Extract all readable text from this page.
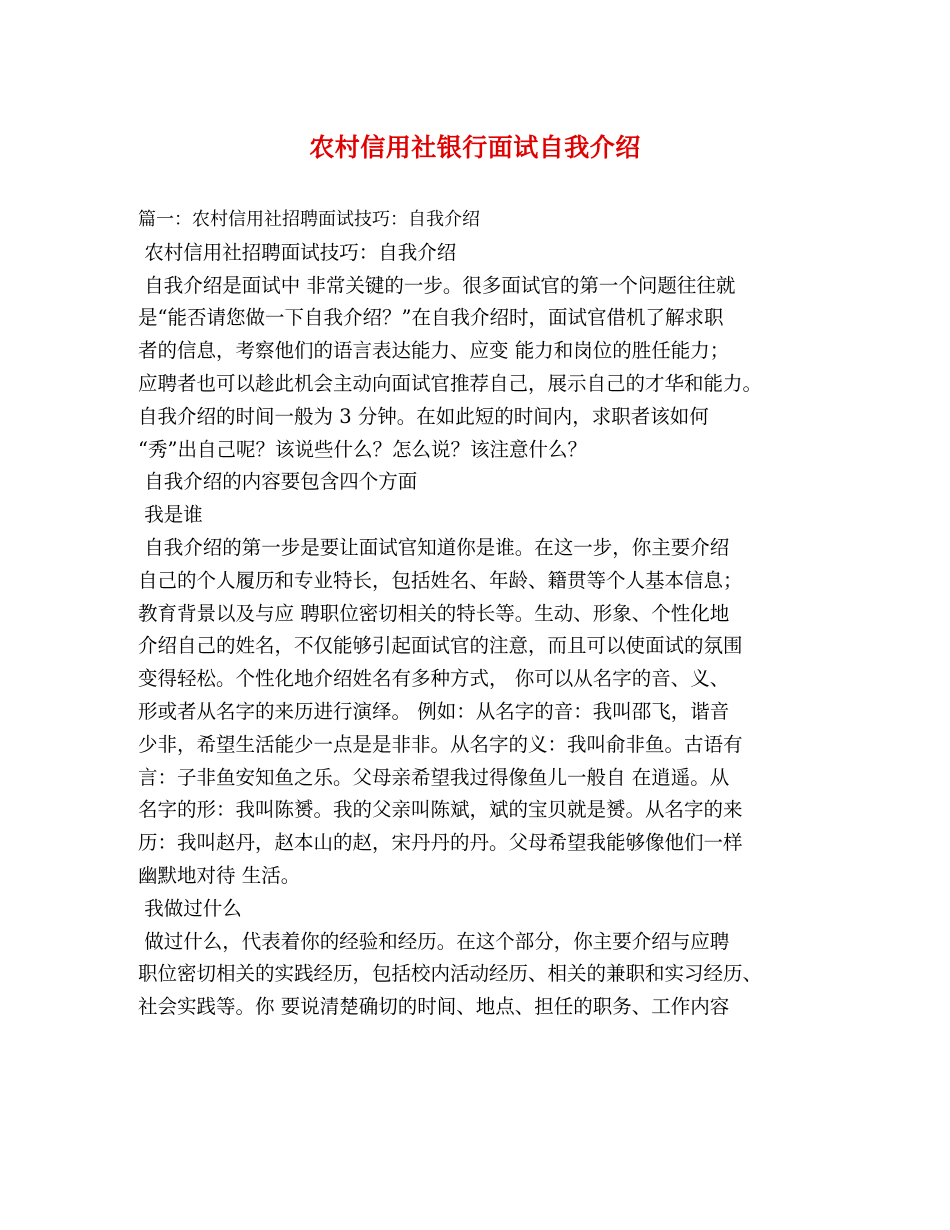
农村信用社银行面试自我介绍
篇一：农村信用社招聘面试技巧：自我介绍
农村信用社招聘面试技巧：自我介绍
自我介绍是面试中 非常关键的一步。很多面试官的第一个问题往往就
是“能否请您做一下自我介绍？”在自我介绍时，面试官借机了解求职
者的信息，考察他们的语言表达能力、应变 能力和岗位的胜任能力；
应聘者也可以趁此机会主动向面试官推荐自己，展示自己的才华和能力。
自我介绍的时间一般为 3 分钟。在如此短的时间内，求职者该如何
“秀”出自己呢？该说些什么？怎么说？该注意什么？
自我介绍的内容要包含四个方面
我是谁
自我介绍的第一步是要让面试官知道你是谁。在这一步，你主要介绍
自己的个人履历和专业特长，包括姓名、年龄、籍贯等个人基本信息；
教育背景以及与应 聘职位密切相关的特长等。生动、形象、个性化地
介绍自己的姓名，不仅能够引起面试官的注意，而且可以使面试的氛围
变得轻松。个性化地介绍姓名有多种方式， 你可以从名字的音、义、
形或者从名字的来历进行演绎。 例如：从名字的音：我叫邵飞，谐音
少非，希望生活能少一点是是非非。从名字的义：我叫俞非鱼。古语有
言：子非鱼安知鱼之乐。父母亲希望我过得像鱼儿一般自 在逍遥。从
名字的形：我叫陈赟。我的父亲叫陈斌，斌的宝贝就是赟。从名字的来
历：我叫赵丹，赵本山的赵，宋丹丹的丹。父母希望我能够像他们一样
幽默地对待 生活。
我做过什么
做过什么，代表着你的经验和经历。在这个部分，你主要介绍与应聘
职位密切相关的实践经历，包括校内活动经历、相关的兼职和实习经历、
社会实践等。你 要说清楚确切的时间、地点、担任的职务、工作内容
